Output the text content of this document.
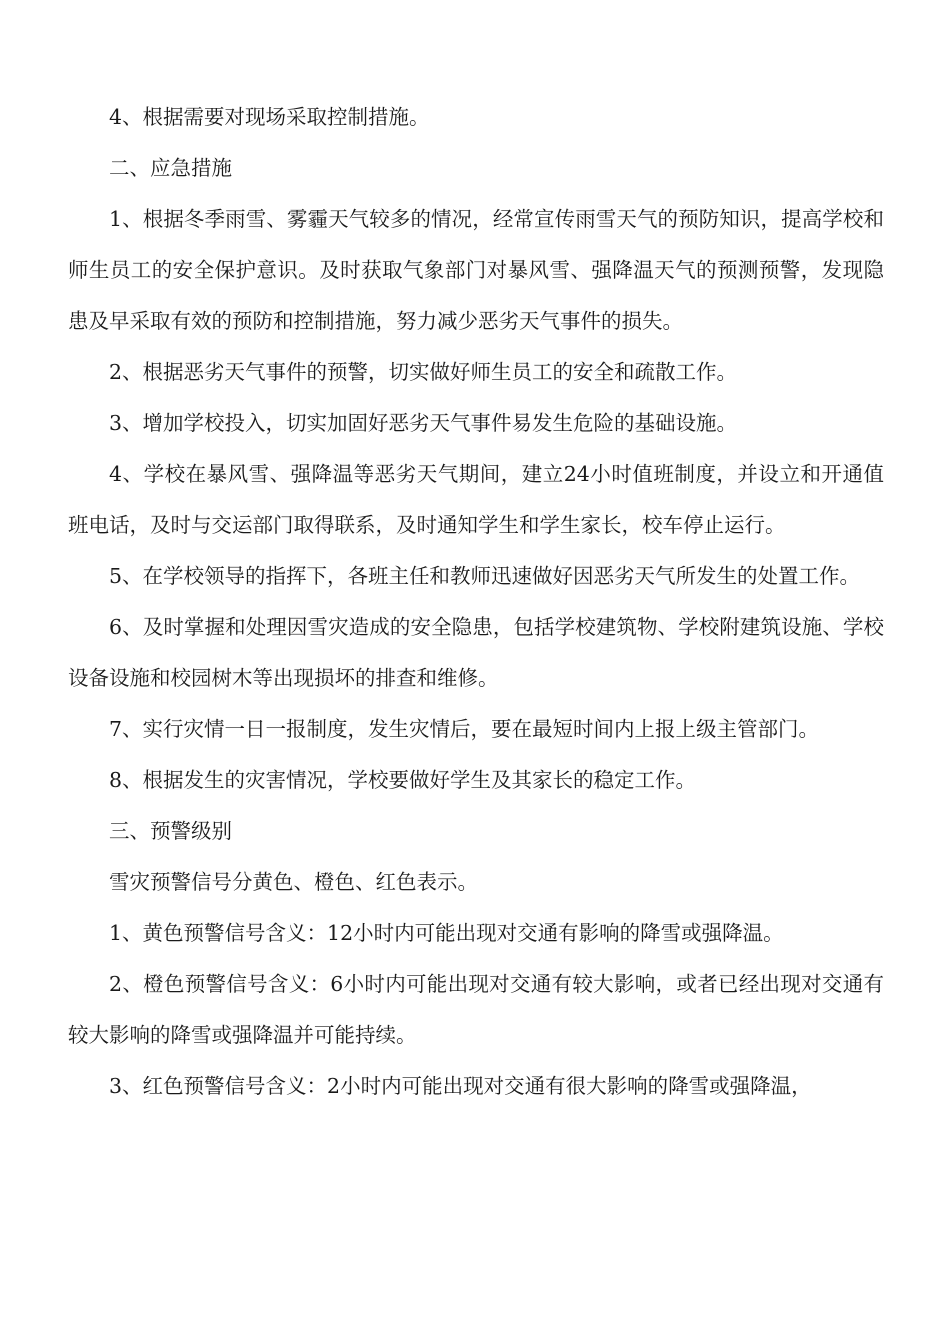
4、根据需要对现场采取控制措施。

二、应急措施

1、根据冬季雨雪、雾霾天气较多的情况，经常宣传雨雪天气的预防知识，提高学校和师生员工的安全保护意识。及时获取气象部门对暴风雪、强降温天气的预测预警，发现隐患及早采取有效的预防和控制措施，努力减少恶劣天气事件的损失。

2、根据恶劣天气事件的预警，切实做好师生员工的安全和疏散工作。

3、增加学校投入，切实加固好恶劣天气事件易发生危险的基础设施。

4、学校在暴风雪、强降温等恶劣天气期间，建立24小时值班制度，并设立和开通值班电话，及时与交运部门取得联系，及时通知学生和学生家长，校车停止运行。

5、在学校领导的指挥下，各班主任和教师迅速做好因恶劣天气所发生的处置工作。

6、及时掌握和处理因雪灾造成的安全隐患，包括学校建筑物、学校附建筑设施、学校设备设施和校园树木等出现损坏的排查和维修。

7、实行灾情一日一报制度，发生灾情后，要在最短时间内上报上级主管部门。

8、根据发生的灾害情况，学校要做好学生及其家长的稳定工作。

三、预警级别

雪灾预警信号分黄色、橙色、红色表示。

1、黄色预警信号含义：12小时内可能出现对交通有影响的降雪或强降温。

2、橙色预警信号含义：6小时内可能出现对交通有较大影响，或者已经出现对交通有较大影响的降雪或强降温并可能持续。

3、红色预警信号含义：2小时内可能出现对交通有很大影响的降雪或强降温，
